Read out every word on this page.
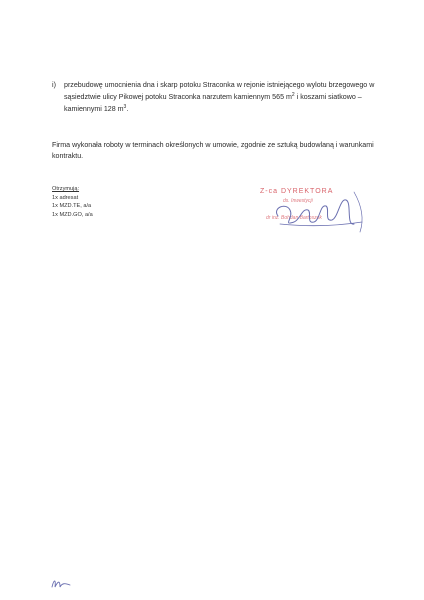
i) przebudowę umocnienia dna i skarp potoku Straconka w rejonie istniejącego wylotu brzegowego w sąsiedztwie ulicy Pikowej potoku Straconka narzutem kamiennym 565 $m^2$ i koszami siatkowo – kamiennymi 128 $m^3$.
Firma wykonała roboty w terminach określonych w umowie, zgodnie ze sztuką budowlaną i warunkami kontraktu.
Otrzymują:
1x adresat
1x MZD.TE, a/a
1x MZD.GO, a/a
Z-ca DYREKTORA
ds. Inwestycji
dr inż. Bohdan Bartoszek
